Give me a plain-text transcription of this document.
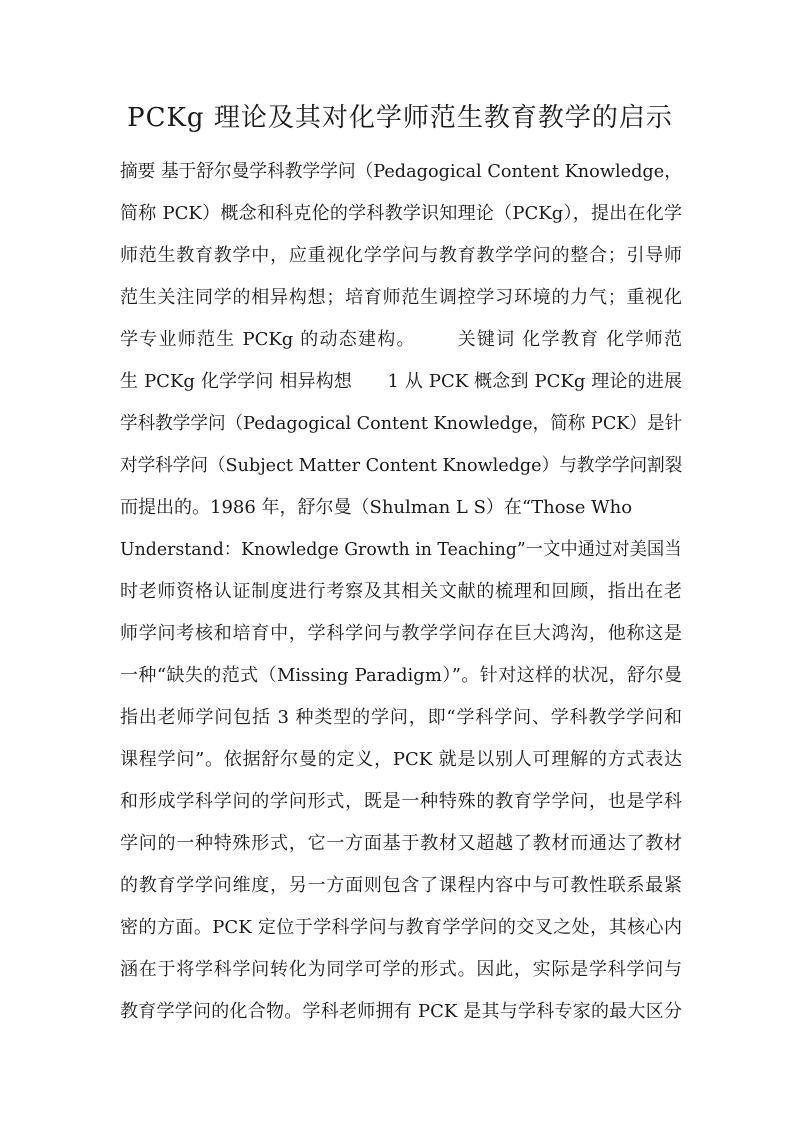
PCKg 理论及其对化学师范生教育教学的启示
摘要 基于舒尔曼学科教学学问（Pedagogical Content Knowledge，
简称 PCK）概念和科克伦的学科教学识知理论（PCKg），提出在化学
师范生教育教学中，应重视化学学问与教育教学学问的整合；引导师
范生关注同学的相异构想；培育师范生调控学习环境的力气；重视化
学专业师范生 PCKg 的动态建构。      关键词 化学教育 化学师范
生 PCKg 化学学问 相异构想      1 从 PCK 概念到 PCKg 理论的进展
学科教学学问（Pedagogical Content Knowledge，简称 PCK）是针
对学科学问（Subject Matter Content Knowledge）与教学学问割裂
而提出的。1986 年，舒尔曼（Shulman L S）在“Those Who
Understand：Knowledge Growth in Teaching”一文中通过对美国当
时老师资格认证制度进行考察及其相关文献的梳理和回顾，指出在老
师学问考核和培育中，学科学问与教学学问存在巨大鸿沟，他称这是
一种“缺失的范式（Missing Paradigm）”。针对这样的状况，舒尔曼
指出老师学问包括 3 种类型的学问，即“学科学问、学科教学学问和
课程学问”。依据舒尔曼的定义，PCK 就是以别人可理解的方式表达
和形成学科学问的学问形式，既是一种特殊的教育学学问，也是学科
学问的一种特殊形式，它一方面基于教材又超越了教材而通达了教材
的教育学学问维度，另一方面则包含了课程内容中与可教性联系最紧
密的方面。PCK 定位于学科学问与教育学学问的交叉之处，其核心内
涵在于将学科学问转化为同学可学的形式。因此，实际是学科学问与
教育学学问的化合物。学科老师拥有 PCK 是其与学科专家的最大区分
